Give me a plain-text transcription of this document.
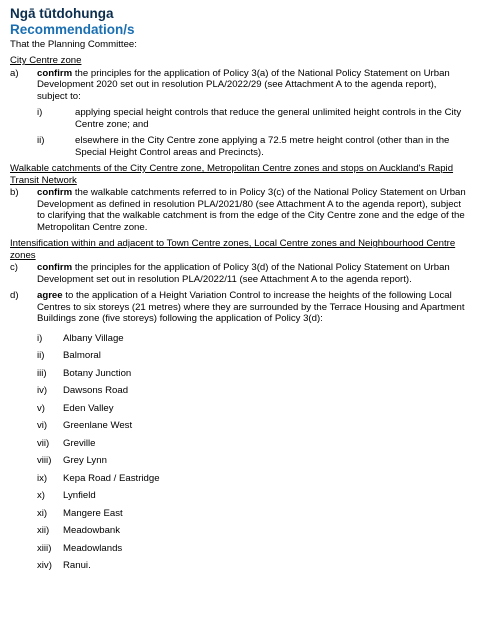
Ngā tūtdohunga
Recommendation/s

That the Planning Committee:

City Centre zone
a)	confirm the principles for the application of Policy 3(a) of the National Policy Statement on Urban Development 2020 set out in resolution PLA/2022/29 (see Attachment A to the agenda report), subject to:
i)	applying special height controls that reduce the general unlimited height controls in the City Centre zone; and
ii)	elsewhere in the City Centre zone applying a 72.5 metre height control (other than in the Special Height Control areas and Precincts).
Walkable catchments of the City Centre zone, Metropolitan Centre zones and stops on Auckland's Rapid Transit Network
b)	confirm the walkable catchments referred to in Policy 3(c) of the National Policy Statement on Urban Development as defined in resolution PLA/2021/80 (see Attachment A to the agenda report), subject to clarifying that the walkable catchment is from the edge of the City Centre zone and the edge of the Metropolitan Centre zone.
Intensification within and adjacent to Town Centre zones, Local Centre zones and Neighbourhood Centre zones
c)	confirm the principles for the application of Policy 3(d) of the National Policy Statement on Urban Development set out in resolution PLA/2022/11 (see Attachment A to the agenda report).
d)	agree to the application of a Height Variation Control to increase the heights of the following Local Centres to six storeys (21 metres) where they are surrounded by the Terrace Housing and Apartment Buildings zone (five storeys) following the application of Policy 3(d):
i)	Albany Village
ii)	Balmoral
iii)	Botany Junction
iv)	Dawsons Road
v)	Eden Valley
vi)	Greenlane West
vii)	Greville
viii)	Grey Lynn
ix)	Kepa Road / Eastridge
x)	Lynfield
xi)	Mangere East
xii)	Meadowbank
xiii)	Meadowlands
xiv)	Ranui.
